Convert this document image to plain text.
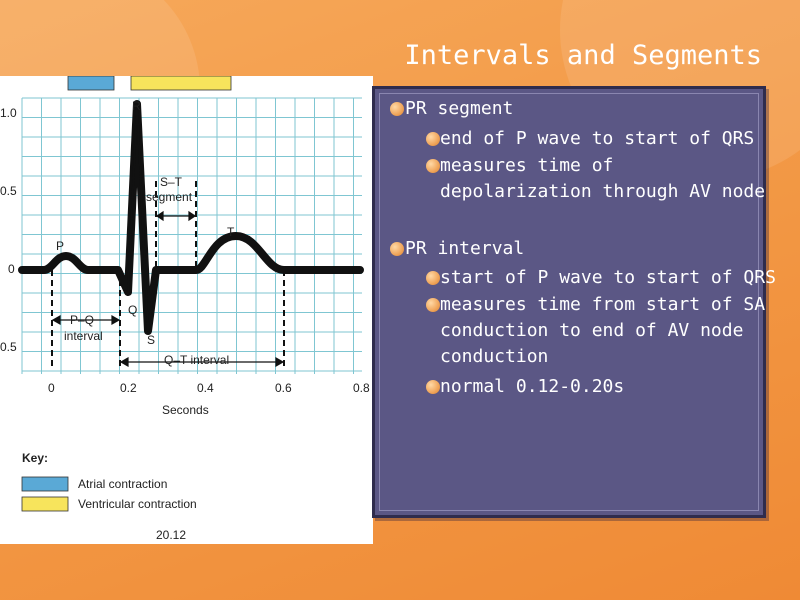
Intervals and Segments
1.0
0.5
0
0.5
0	0.2	0.4	0.6	0.8
Seconds
R
P
Q
S
T
S–T
segment
P–Q
interval
Q–T interval
Key:
Atrial contraction
Ventricular contraction
20.12
PR segment
end of P wave to start of QRS
measures time of
depolarization through AV node
PR interval
start of P wave to start of QRS
measures time from start of SA
conduction to end of AV node
conduction
normal 0.12-0.20s
